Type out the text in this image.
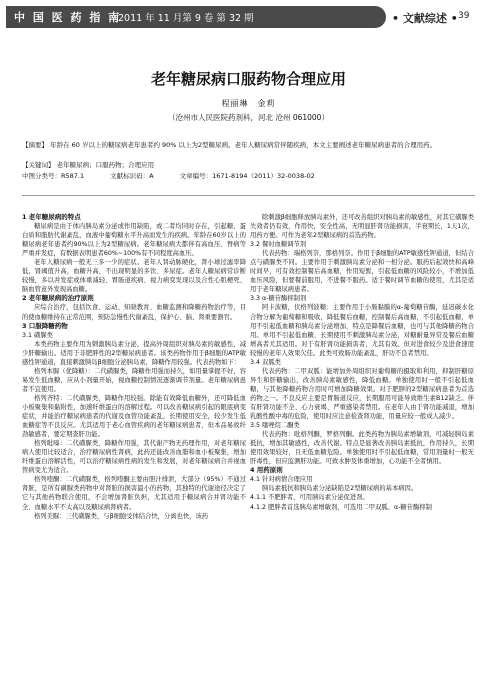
中 国 医 药 指 南
2011 年 11 月第 9 卷 第 32 期	• 文献综述 • 39
老年糖尿病口服药物合理应用
程丽琳　金莉
（沧州市人民医院药剂科，河北 沧州 061000）
【摘要】 年龄在 60 岁以上的糖尿病老年患者约 90% 以上为2型糖尿病。老年人糖尿病常伴随疾病，本文主要阐述老年糖尿病患者的合理用药。
【关键词】 老年糖尿病；口服药物；合理应用
中图分类号：R587.1　　　　文献标识码：A　　　　文章编号：1671-8194（2011）32-0038-02
1 老年糖尿病的特点

糖尿病是由于体内胰岛素分泌或作用缺陷，或二者均同时存在，引起糖、蛋白质和脂肪代谢紊乱，血液中葡萄糖水平升高而发生的疾病。年龄在60岁以上的糖尿病老年患者约90%以上为2型糖尿病。老年糖尿病大都伴有高血压、脊病等严重并发症，有数据表明患者60%~100%有不同程度高血压。

老年人糖尿病一般无三多一少的症状。老年人肾动脉硬化，肾小球过滤率降低，肾阈值升高，血糖升高，不出现明显的多饮、多尿症。老年人糖尿病常诊断较慢，多以并发症或体重减轻、胃肠道疾病、视力病变发现以及合性心肌梗死、脑血管意外发现高血糖。

2 老年糖尿病的治疗原则

应综合治疗，包括饮食、运动、知晓教育、血糖监测和降糖药物治疗等，目的使血糖维持在正常范围，预防急慢性代谢紊乱，保护心、脑、肾重要器官。

3 口服降糖药物
3.1 磺脲类

本类药物主要作用为刺激胰岛素分泌，提高外周组织对胰岛素的敏感性，减少肝糖输出。适用于非肥胖性的2型糖尿病患者。该类药物作用于β细胞的ATP敏感性钾通道，直接刺激胰岛β细胞分泌胰岛素，降糖作用较强。代表药物如下：

格列本脲（优降糖）：二代磺脲类，降糖作用强而持久，如用量掌握不好，容易发生低血糖，应从小剂量开始，视血糖控制情况逐渐调节剂量。老年糖尿病患者不宜使用。

格列齐特：二代磺脲类，降糖作用较强。除能有效降低血糖外，还可降低血小板聚集和黏附性，加速纤维蛋白的溶解过程。可以改善糖尿病引起的眼底病变症状，并能治疗糖尿病患者的代谢及血管功能紊乱，长期使用安全，较少发生低血糖症等不良反应。尤其适用于老心血管疾病的老年糖尿病患者，但本品易致纤劲敏感者，要定期查肝功能。

格列吡嗪：二代磺脲类，降糖作用强，其代谢产物无药理作用，对老年糖尿病人使用比较适合，治疗糖尿病性肾病，此药还能改善血脂和血小板聚集，增加纤维蛋白溶解活性，可以治疗糖尿病性病的发生和发展，对老年糖尿病合并视血管病变尤为适合。

格列喹酮：二代磺脲类，格列喹酮主要由胆汁排泄，大部分（95%）不通过肾脏，是所有磺脲类药物中对肾脏的损害最小的药物，其独特的代谢途径决定了它与其他药物联合使用，不会增加肾脏负担，尤其适用于糖尿病合并肾功能不全、血糖水平不太高以及糖尿病肾病者。

格列美脲：三代磺脲类，与β细胞受体结合快，分离也快，该药

除刺激β细胞释放胰岛素外，还可改善组织对胰岛素的敏感性，对其它磺脲类失效者仍有效，作用快，安全性高，无明显肝肾功能损害，半衰期长，1天1次，用药方便。可作为老年2型糖尿病的首选药物。

3.2 餐时血糖调节剂

代表药物：瑞格列奈，那格列奈。作用于β细胞的ATP敏感性钾通道，但结合点与磺脲类不同。主要作用于刺激胰岛素分泌和一相分泌。服药后起效快和高峰时间早，可有效控制餐后高血糖，作用短暂，引起低血糖的风险较小，不增加低血压风险，但要餐前服用，不进餐不服药。适于餐时调节血糖的使用，尤其是适用于老年糖尿病患者。

3.3 α-糖苷酶抑制剂

阿卡波糖，伏格列波糖：主要作用于小肠黏膜的α-葡萄糖苷酶，延迟碳水化合物分解为葡萄糖和吸收，降低餐后血糖，控制餐后高血糖，不引起低血糖，单用不引起低血糖和胰岛素分泌增加，特点是降餐后血糖，也可与其他降糖药物合用。单用不引起低血糖，长期使用不刺激胰岛素分泌，对糖耐量异常及餐后血糖增高者尤其适用。对于有肝肾功能损害者，尤其有效。但对进食较少及进食速度较慢的老年人效果欠佳。此类可致肠功能紊乱，肝功不良者禁用。

3.4 双胍类

代表药物：二甲双胍：能增加外周组织对葡萄糖的摄取和利用，抑制肝糖原异生和肝糖输出，改善胰岛素敏感性，降低血糖。单独使用时一般不引起低血糖，与其他降糖药物合用时可增加降糖效果。对于肥胖的2型糖尿病患者为首选药物之一。不良反应主要是胃肠道反应，长期服用可能导致维生素B12缺乏。伴有肝肾功能不全、心力衰竭、严重感染者禁用。在老年人由于肾功能减退，增加乳酸性酸中毒的危险，使用时应注意检查肾功能，用量应较一般成人减少。

3.5 噻唑烷二酮类

代表药物：吡格列酮，罗格列酮。此类药物为胰岛素增敏剂，可减轻胰岛素抵抗，增加其敏感性，改善代谢。特点是显著改善胰岛素抵抗，作用持久，长期使用效果较好，且无低血糖危险。单独使用时不引起低血糖，常用剂量时一般无肝毒性，但应监测肝功能。可致水肿及体重增加，心功能不全者慎用。

4 用药原则
4.1 针对病情合理应用

胰岛素抵抗和胰岛素分泌缺陷是2型糖尿病的基本病因。

4.1.1 不肥胖者，可用胰岛素分泌促进剂。
4.1.2 肥胖者首选胰岛素增敏剂，可选用二甲双胍、α-糖苷酶抑制
